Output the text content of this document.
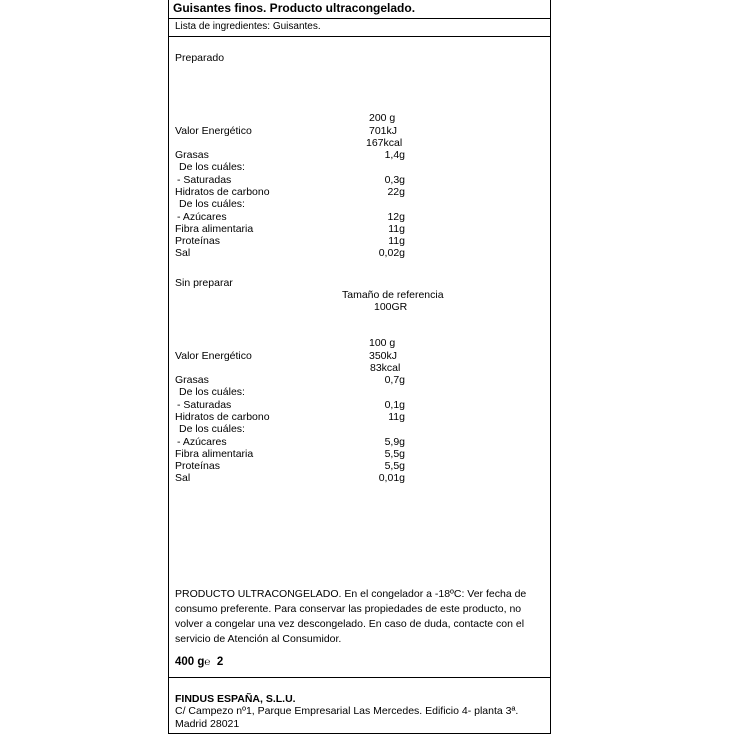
Guisantes finos. Producto ultracongelado.
Lista de ingredientes: Guisantes.
Preparado
200 g
Valor Energético	701kJ
167kcal
Grasas	1,4g
De los cuáles:
- Saturadas	0,3g
Hidratos de carbono	22g
De los cuáles:
- Azúcares	12g
Fibra alimentaria	11g
Proteínas	11g
Sal	0,02g
Sin preparar
Tamaño de referencia
100GR
100 g
Valor Energético	350kJ
83kcal
Grasas	0,7g
De los cuáles:
- Saturadas	0,1g
Hidratos de carbono	11g
De los cuáles:
- Azúcares	5,9g
Fibra alimentaria	5,5g
Proteínas	5,5g
Sal	0,01g
PRODUCTO ULTRACONGELADO. En el congelador a -18ºC: Ver fecha de consumo preferente. Para conservar las propiedades de este producto, no volver a congelar una vez descongelado. En caso de duda, contacte con el servicio de Atención al Consumidor.
400 g℮ 2
FINDUS ESPAÑA, S.L.U.
C/ Campezo nº1, Parque Empresarial Las Mercedes. Edificio 4- planta 3ª. Madrid 28021
